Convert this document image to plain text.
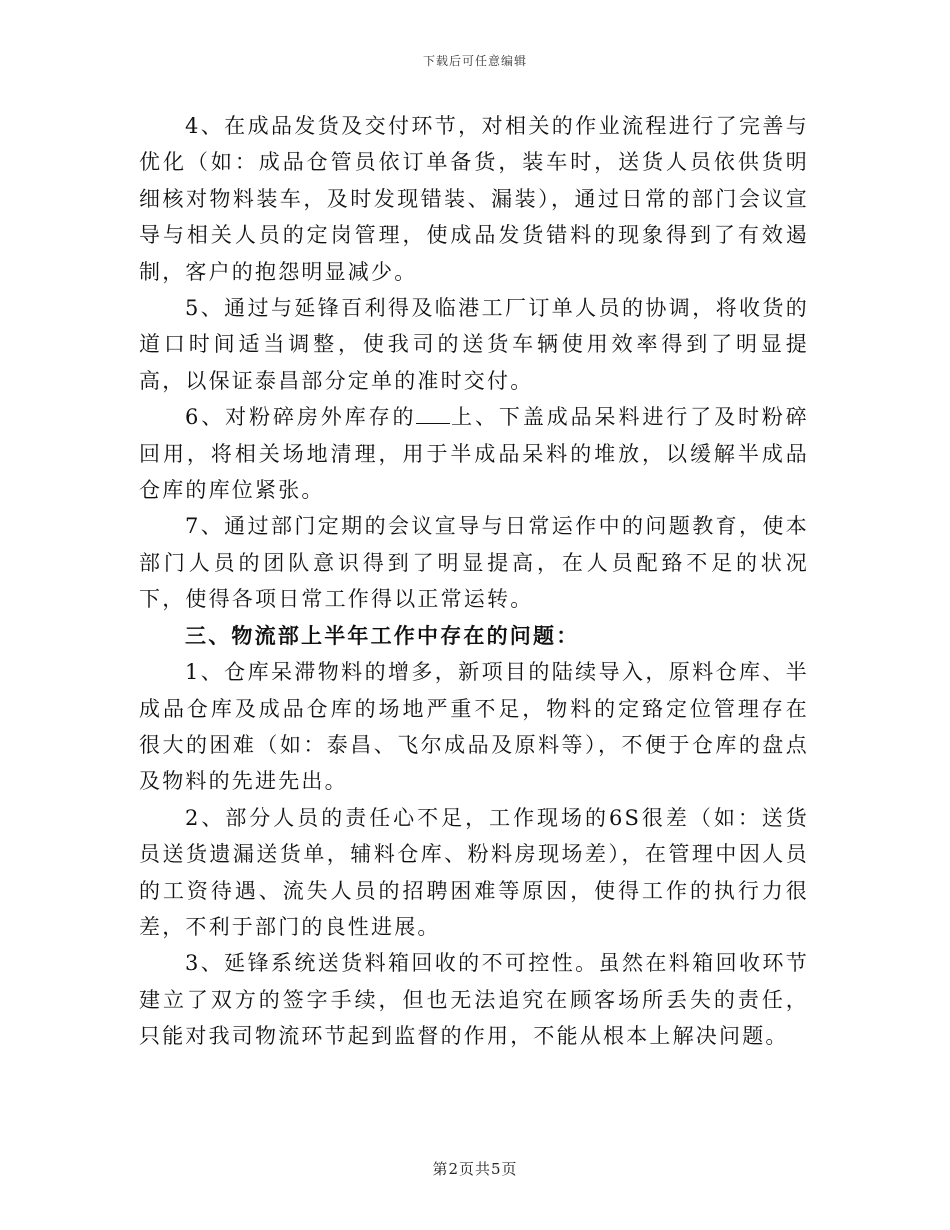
下载后可任意编辑

4、在成品发货及交付环节，对相关的作业流程进行了完善与优化（如：成品仓管员依订单备货，装车时，送货人员依供货明细核对物料装车，及时发现错装、漏装），通过日常的部门会议宣导与相关人员的定岗管理，使成品发货错料的现象得到了有效遏制，客户的抱怨明显减少。

5、通过与延锋百利得及临港工厂订单人员的协调，将收货的道口时间适当调整，使我司的送货车辆使用效率得到了明显提高，以保证泰昌部分定单的准时交付。

6、对粉碎房外库存的 上、下盖成品呆料进行了及时粉碎回用，将相关场地清理，用于半成品呆料的堆放，以缓解半成品仓库的库位紧张。

7、通过部门定期的会议宣导与日常运作中的问题教育，使本部门人员的团队意识得到了明显提高，在人员配臵不足的状况下，使得各项日常工作得以正常运转。

三、物流部上半年工作中存在的问题：

1、仓库呆滞物料的增多，新项目的陆续导入，原料仓库、半成品仓库及成品仓库的场地严重不足，物料的定臵定位管理存在很大的困难（如：泰昌、飞尔成品及原料等），不便于仓库的盘点及物料的先进先出。

2、部分人员的责任心不足，工作现场的6S很差（如：送货员送货遗漏送货单，辅料仓库、粉料房现场差），在管理中因人员的工资待遇、流失人员的招聘困难等原因，使得工作的执行力很差，不利于部门的良性进展。

3、延锋系统送货料箱回收的不可控性。虽然在料箱回收环节建立了双方的签字手续，但也无法追究在顾客场所丢失的责任，只能对我司物流环节起到监督的作用，不能从根本上解决问题。

第2页共5页
